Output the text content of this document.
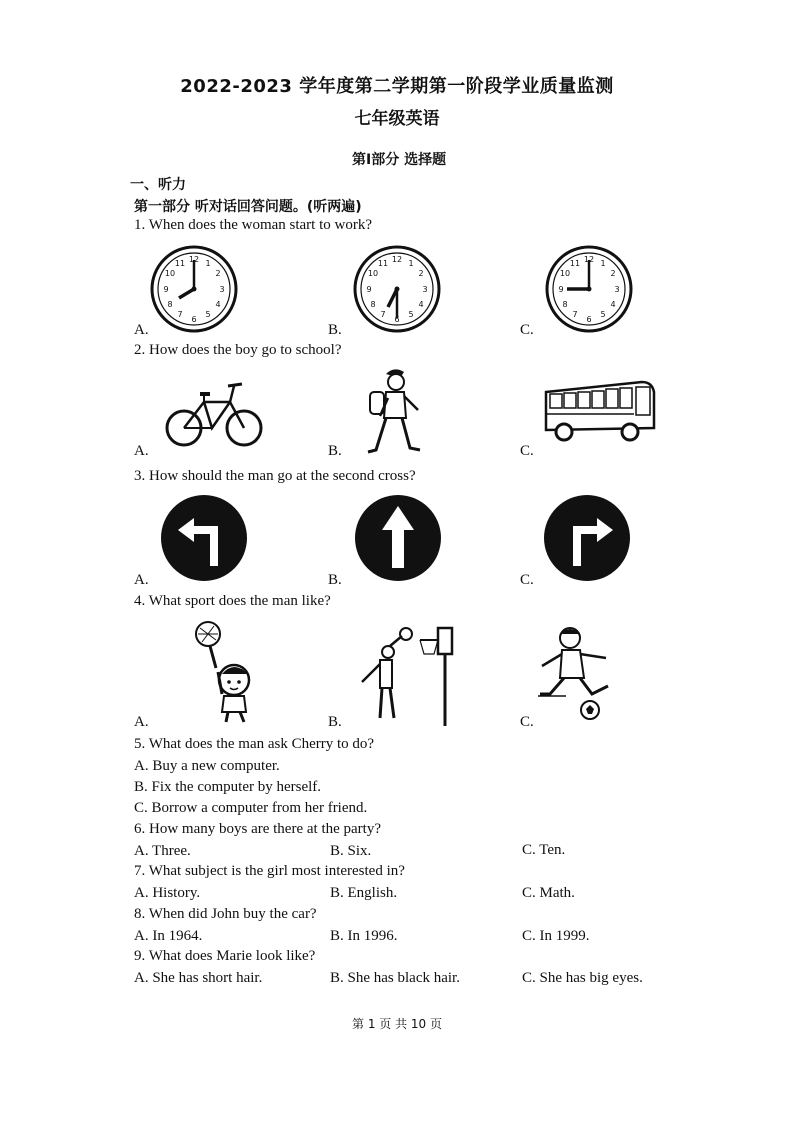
2022-2023 学年度第二学期第一阶段学业质量监测
七年级英语
第Ⅰ部分 选择题
一、听力
第一部分 听对话回答问题。(听两遍)
1. When does the woman start to work?
12 1
2
3
4
5
6
7
8
9
10
11
A.
12 1
2
3
4
5
6
7
8
9
10
11
B.
12 1
2
3
4
5
6
7
8
9
10
11
C.
2. How does the boy go to school?
A.	B.	C.
3. How should the man go at the second cross?
A.	B.	C.
4. What sport does the man like?
A.	B.	C.
5. What does the man ask Cherry to do?
A. Buy a new computer.
B. Fix the computer by herself.
C. Borrow a computer from her friend.
6. How many boys are there at the party?
A. Three.	B. Six.	C. Ten.
7. What subject is the girl most interested in?
A. History.	B. English.	C. Math.
8. When did John buy the car?
A. In 1964.	B. In 1996.	C. In 1999.
9. What does Marie look like?
A. She has short hair.	B. She has black hair.	C. She has big eyes.
第 1 页 共 10 页
